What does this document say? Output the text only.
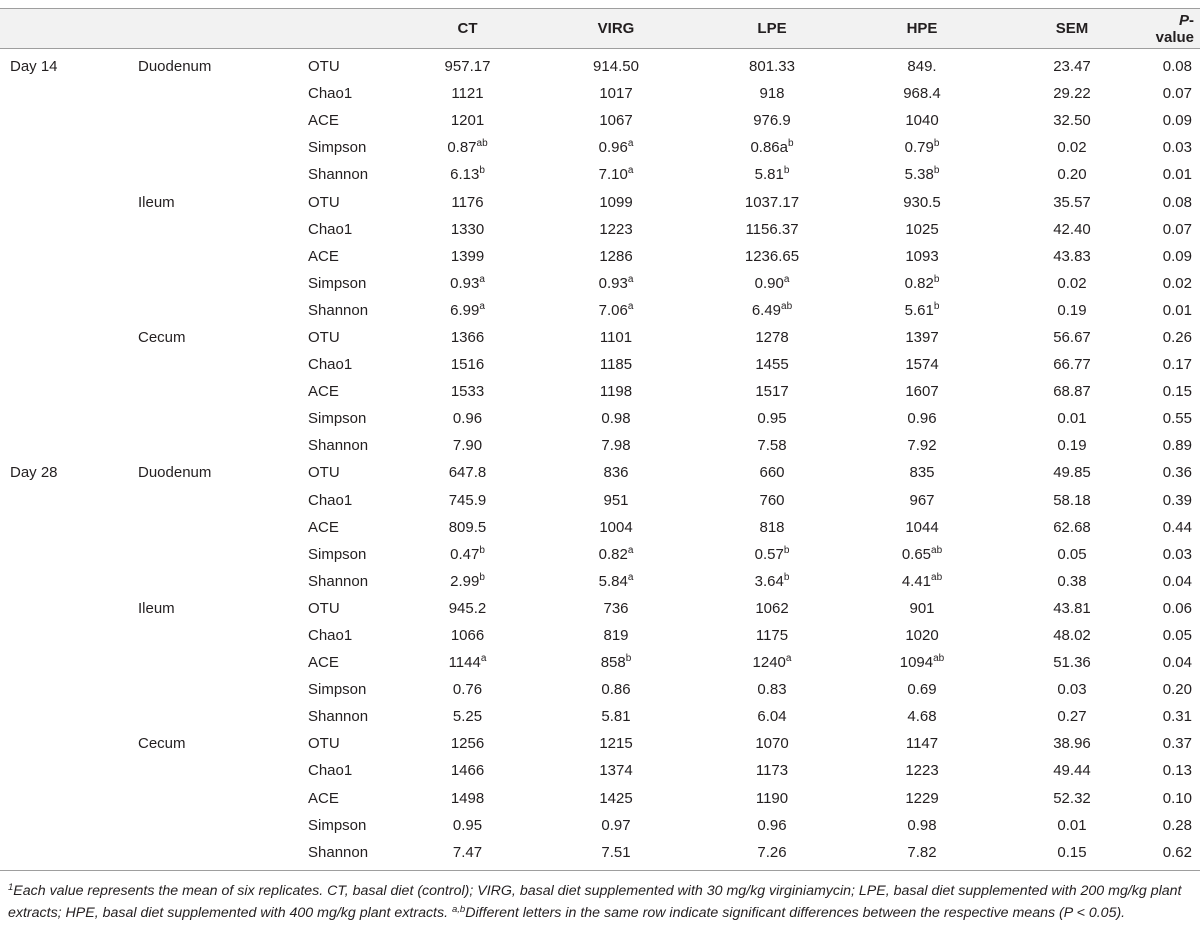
			CT	VIRG	LPE	HPE	SEM	P-value
Day 14	Duodenum	OTU	957.17	914.50	801.33	849.	23.47	0.08
		Chao1	1121	1017	918	968.4	29.22	0.07
		ACE	1201	1067	976.9	1040	32.50	0.09
		Simpson	0.87$^{ab}$	0.96$^a$	$0.86a^b$	0.79$^b$	0.02	0.03
		Shannon	6.13$^b$	7.10$^a$	5.81$^b$	5.38$^b$	0.20	0.01
	Ileum	OTU	1176	1099	1037.17	930.5	35.57	0.08
		Chao1	1330	1223	1156.37	1025	42.40	0.07
		ACE	1399	1286	1236.65	1093	43.83	0.09
		Simpson	0.93$^a$	0.93$^a$	0.90$^a$	0.82$^b$	0.02	0.02
		Shannon	6.99$^a$	7.06$^a$	6.49$^{ab}$	5.61$^b$	0.19	0.01
	Cecum	OTU	1366	1101	1278	1397	56.67	0.26
		Chao1	1516	1185	1455	1574	66.77	0.17
		ACE	1533	1198	1517	1607	68.87	0.15
		Simpson	0.96	0.98	0.95	0.96	0.01	0.55
		Shannon	7.90	7.98	7.58	7.92	0.19	0.89
Day 28	Duodenum	OTU	647.8	836	660	835	49.85	0.36
		Chao1	745.9	951	760	967	58.18	0.39
		ACE	809.5	1004	818	1044	62.68	0.44
		Simpson	0.47$^b$	0.82$^a$	0.57$^b$	0.65$^{ab}$	0.05	0.03
		Shannon	2.99$^b$	5.84$^a$	3.64$^b$	4.41$^{ab}$	0.38	0.04
	Ileum	OTU	945.2	736	1062	901	43.81	0.06
		Chao1	1066	819	1175	1020	48.02	0.05
		ACE	1144$^a$	858$^b$	1240$^a$	$1094^{ab}$	51.36	0.04
		Simpson	0.76	0.86	0.83	0.69	0.03	0.20
		Shannon	5.25	5.81	6.04	4.68	0.27	0.31
	Cecum	OTU	1256	1215	1070	1147	38.96	0.37
		Chao1	1466	1374	1173	1223	49.44	0.13
		ACE	1498	1425	1190	1229	52.32	0.10
		Simpson	0.95	0.97	0.96	0.98	0.01	0.28
		Shannon	7.47	7.51	7.26	7.82	0.15	0.62
$^1$Each value represents the mean of six replicates. CT, basal diet (control); VIRG, basal diet supplemented with 30 mg/kg virginiamycin; LPE, basal diet supplemented with 200 mg/kg plant extracts; HPE, basal diet supplemented with 400 mg/kg plant extracts. $^{a,b}$Different letters in the same row indicate significant differences between the respective means (P < 0.05).
